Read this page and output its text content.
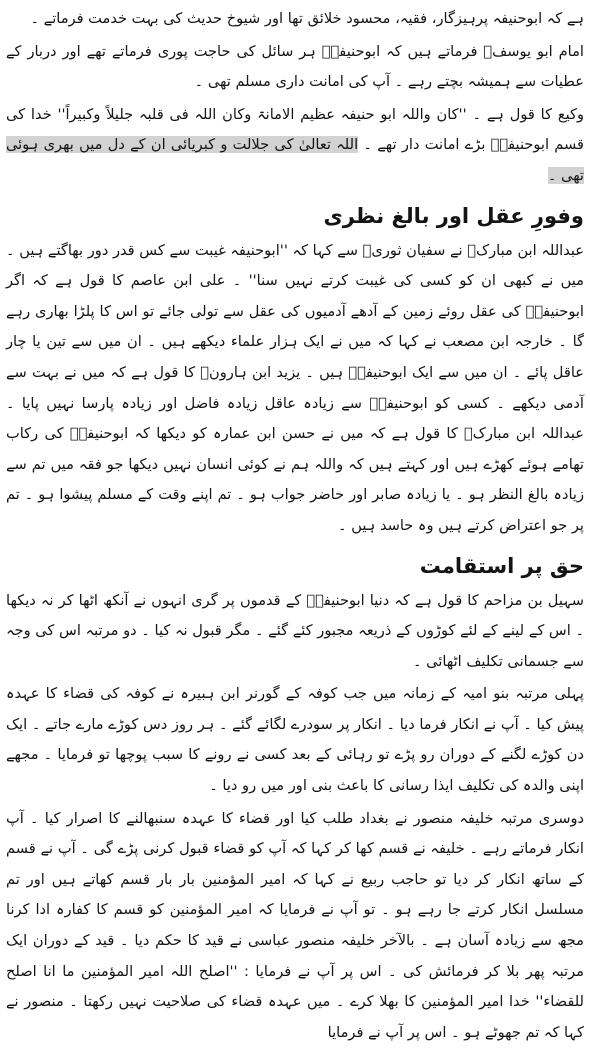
ہے کہ ابوحنیفہ پرہیزگار، فقیہ، محسود خلائق تھا اور شیوخ حدیث کی بہت خدمت فرماتے ۔

امام ابو یوسفؒ فرماتے ہیں کہ ابوحنیفہؒ ہر سائل کی حاجت پوری فرماتے تھے اور دربار کے عطیات سے ہمیشہ بچتے رہے ۔ آپ کی امانت داری مسلم تھی ۔

وکیع کا قول ہے ۔ ''کان واللہ ابو حنیفہ عظیم الامانۃ وکان اللہ فی قلبہ جلیلاً وکبیراً'' خدا کی قسم ابوحنیفہؒ بڑے امانت دار تھے ۔ اللہ تعالیٰ کی جلالت و کبریائی ان کے دل میں بھری ہوئی تھی ۔

وفورِ عقل اور بالغ نظری

عبداللہ ابن مبارکؒ نے سفیان ثوریؒ سے کہا کہ ''ابوحنیفہ غیبت سے کس قدر دور بھاگتے ہیں ۔ میں نے کبھی ان کو کسی کی غیبت کرتے نہیں سنا'' ۔ علی ابن عاصم کا قول ہے کہ اگر ابوحنیفہؒ کی عقل روئے زمین کے آدھے آدمیوں کی عقل سے تولی جائے تو اس کا پلڑا بھاری رہے گا ۔ خارجہ ابن مصعب نے کہا کہ میں نے ایک ہزار علماء دیکھے ہیں ۔ ان میں سے تین یا چار عاقل پائے ۔ ان میں سے ایک ابوحنیفہؒ ہیں ۔ یزید ابن ہارونؒ کا قول ہے کہ میں نے بہت سے آدمی دیکھے ۔ کسی کو ابوحنیفہؒ سے زیادہ عاقل زیادہ فاضل اور زیادہ پارسا نہیں پایا ۔ عبداللہ ابن مبارکؒ کا قول ہے کہ میں نے حسن ابن عمارہ کو دیکھا کہ ابوحنیفہؒ کی رکاب تھامے ہوئے کھڑے ہیں اور کہتے ہیں کہ واللہ ہم نے کوئی انسان نہیں دیکھا جو فقہ میں تم سے زیادہ بالغ النظر ہو ۔ یا زیادہ صابر اور حاضر جواب ہو ۔ تم اپنے وقت کے مسلم پیشوا ہو ۔ تم پر جو اعتراض کرتے ہیں وہ حاسد ہیں ۔

حق پر استقامت

سہیل بن مزاحم کا قول ہے کہ دنیا ابوحنیفہؒ کے قدموں پر گری انہوں نے آنکھ اٹھا کر نہ دیکھا ۔ اس کے لینے کے لئے کوڑوں کے ذریعہ مجبور کئے گئے ۔ مگر قبول نہ کیا ۔ دو مرتبہ اس کی وجہ سے جسمانی تکلیف اٹھائی ۔

پہلی مرتبہ بنو امیہ کے زمانہ میں جب کوفہ کے گورنر ابن ہبیرہ نے کوفہ کی قضاء کا عہدہ پیش کیا ۔ آپ نے انکار فرما دیا ۔ انکار پر سودرے لگائے گئے ۔ ہر روز دس کوڑے مارے جاتے ۔ ایک دن کوڑے لگنے کے دوران رو پڑے تو رہائی کے بعد کسی نے رونے کا سبب پوچھا تو فرمایا ۔ مجھے اپنی والدہ کی تکلیف ایذا رسانی کا باعث بنی اور میں رو دیا ۔

دوسری مرتبہ خلیفہ منصور نے بغداد طلب کیا اور قضاء کا عہدہ سنبھالنے کا اصرار کیا ۔ آپ انکار فرماتے رہے ۔ خلیفہ نے قسم کھا کر کہا کہ آپ کو قضاء قبول کرنی پڑے گی ۔ آپ نے قسم کے ساتھ انکار کر دیا تو حاجب ربیع نے کہا کہ امیر المؤمنین بار بار قسم کھاتے ہیں اور تم مسلسل انکار کرتے جا رہے ہو ۔ تو آپ نے فرمایا کہ امیر المؤمنین کو قسم کا کفارہ ادا کرنا مجھ سے زیادہ آسان ہے ۔ بالآخر خلیفہ منصور عباسی نے قید کا حکم دیا ۔ قید کے دوران ایک مرتبہ پھر بلا کر فرمائش کی ۔ اس پر آپ نے فرمایا : ''اصلح اللہ امیر المؤمنین ما انا اصلح للقضاء'' خدا امیر المؤمنین کا بھلا کرے ۔ میں عہدہ قضاء کی صلاحیت نہیں رکھتا ۔ منصور نے کہا کہ تم جھوٹے ہو ۔ اس پر آپ نے فرمایا
